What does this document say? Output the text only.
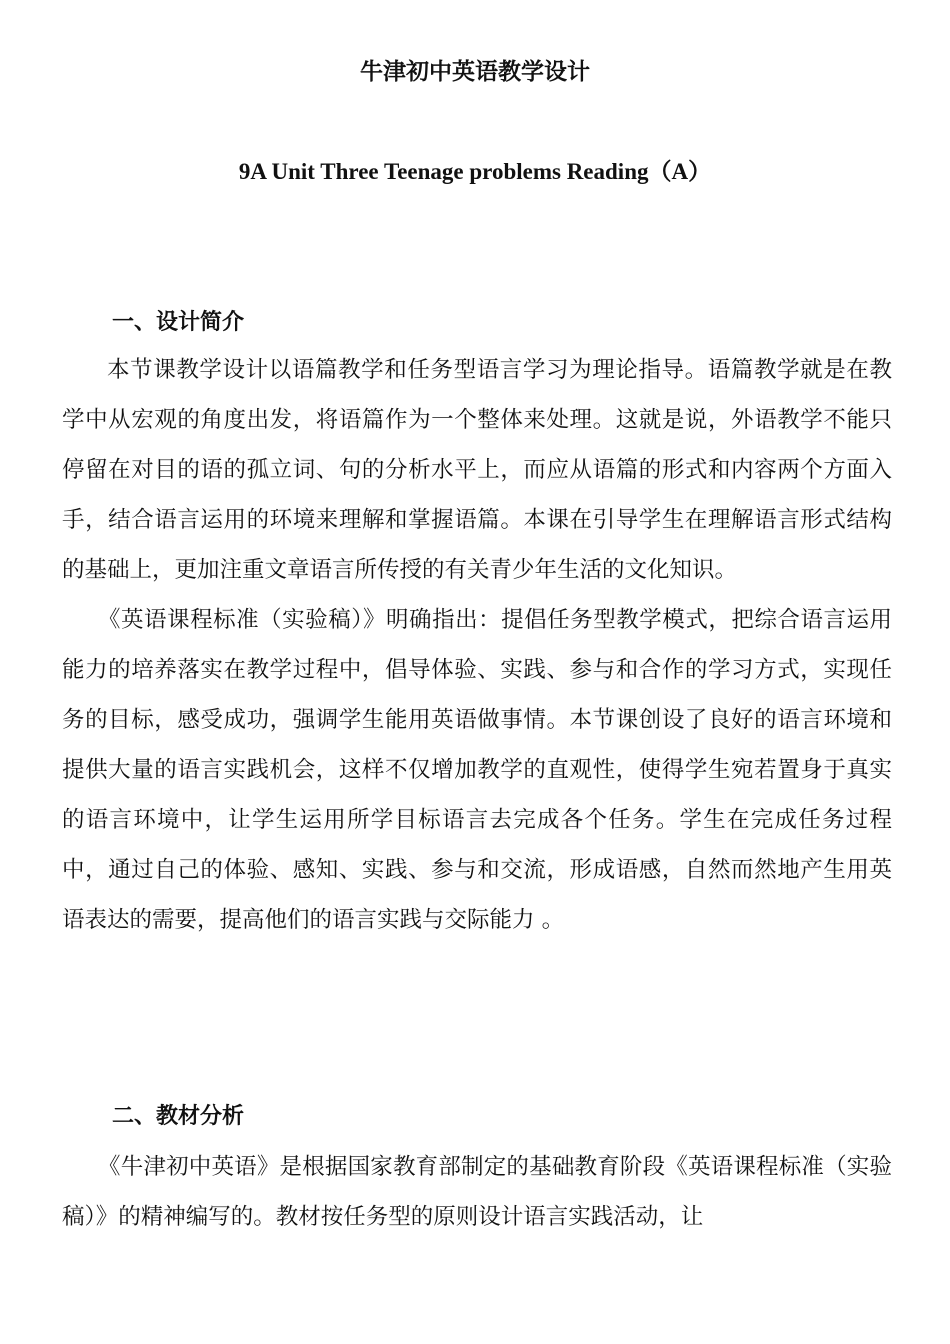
牛津初中英语教学设计
9A Unit Three Teenage problems Reading（A）
一、设计简介

本节课教学设计以语篇教学和任务型语言学习为理论指导。语篇教学就是在教学中从宏观的角度出发，将语篇作为一个整体来处理。这就是说，外语教学不能只停留在对目的语的孤立词、句的分析水平上，而应从语篇的形式和内容两个方面入手，结合语言运用的环境来理解和掌握语篇。本课在引导学生在理解语言形式结构的基础上，更加注重文章语言所传授的有关青少年生活的文化知识。

《英语课程标准（实验稿）》明确指出：提倡任务型教学模式，把综合语言运用能力的培养落实在教学过程中，倡导体验、实践、参与和合作的学习方式，实现任务的目标，感受成功，强调学生能用英语做事情。本节课创设了良好的语言环境和提供大量的语言实践机会，这样不仅增加教学的直观性，使得学生宛若置身于真实的语言环境中，让学生运用所学目标语言去完成各个任务。学生在完成任务过程中，通过自己的体验、感知、实践、参与和交流，形成语感，自然而然地产生用英语表达的需要，提高他们的语言实践与交际能力 。

二、教材分析

《牛津初中英语》是根据国家教育部制定的基础教育阶段《英语课程标准（实验稿）》的精神编写的。教材按任务型的原则设计语言实践活动，让
